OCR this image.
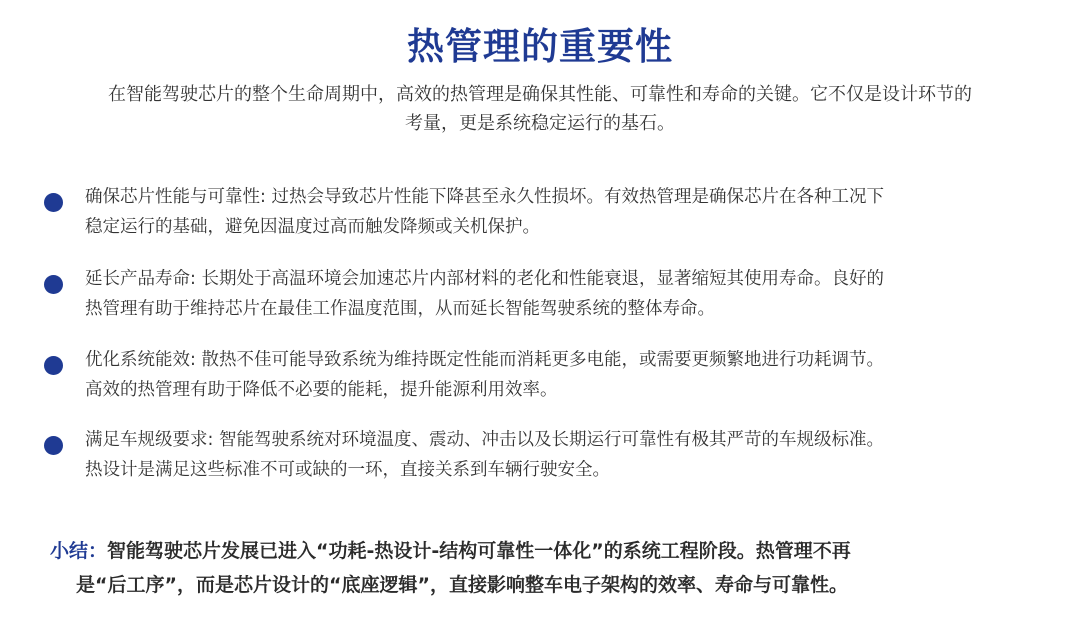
热管理的重要性
在智能驾驶芯片的整个生命周期中，高效的热管理是确保其性能、可靠性和寿命的关键。它不仅是设计环节的
考量，更是系统稳定运行的基石。
确保芯片性能与可靠性: 过热会导致芯片性能下降甚至永久性损坏。有效热管理是确保芯片在各种工况下
稳定运行的基础，避免因温度过高而触发降频或关机保护。
延长产品寿命: 长期处于高温环境会加速芯片内部材料的老化和性能衰退，显著缩短其使用寿命。良好的
热管理有助于维持芯片在最佳工作温度范围，从而延长智能驾驶系统的整体寿命。
优化系统能效: 散热不佳可能导致系统为维持既定性能而消耗更多电能，或需要更频繁地进行功耗调节。
高效的热管理有助于降低不必要的能耗，提升能源利用效率。
满足车规级要求: 智能驾驶系统对环境温度、震动、冲击以及长期运行可靠性有极其严苛的车规级标准。
热设计是满足这些标准不可或缺的一环，直接关系到车辆行驶安全。
小结：智能驾驶芯片发展已进入“功耗-热设计-结构可靠性一体化”的系统工程阶段。热管理不再
是“后工序”，而是芯片设计的“底座逻辑”，直接影响整车电子架构的效率、寿命与可靠性。
